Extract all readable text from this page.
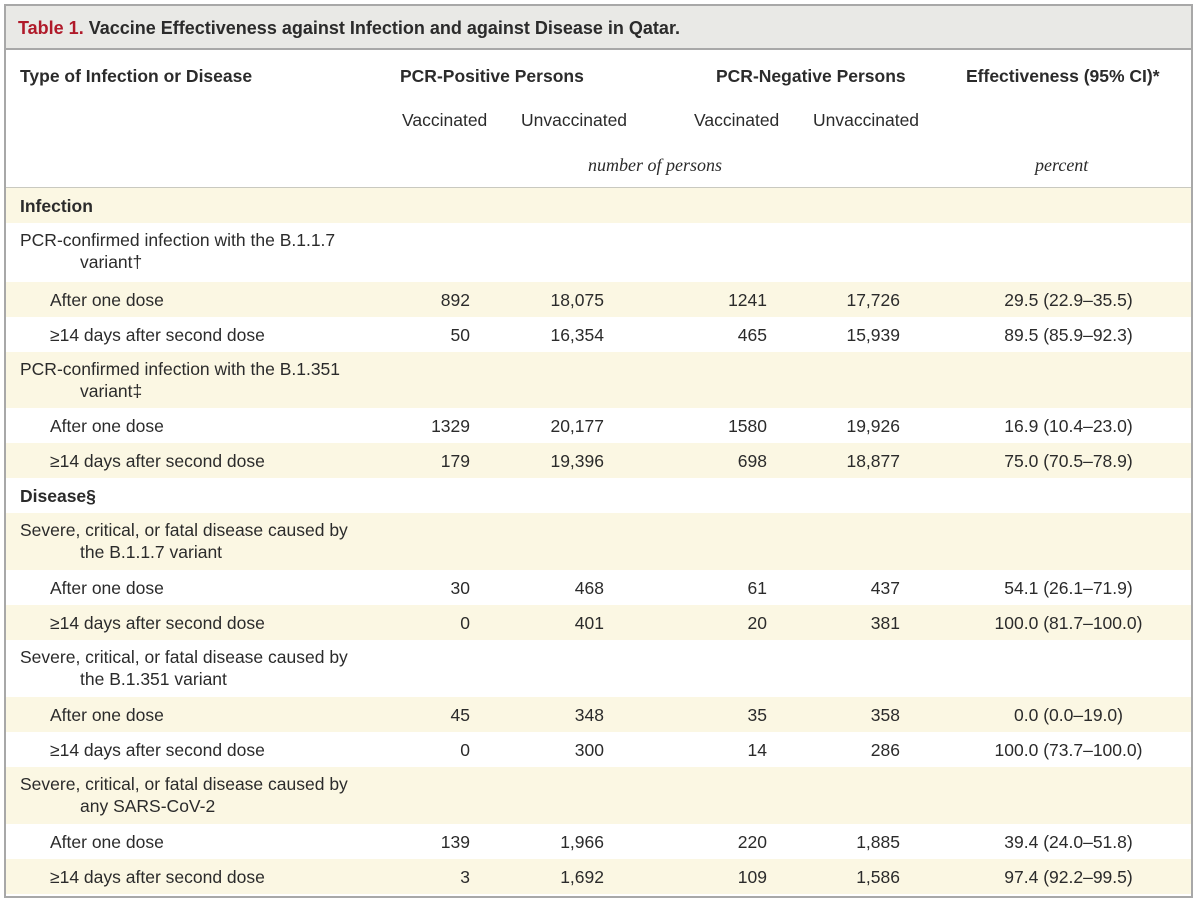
Table 1. Vaccine Effectiveness against Infection and against Disease in Qatar.
Type of Infection or Disease	PCR-Positive Persons	PCR-Negative Persons	Effectiveness (95% CI)*
Vaccinated Unvaccinated	Vaccinated Unvaccinated
number of persons	percent
Infection
PCR-confirmed infection with the B.1.1.7
variant†
After one dose	892	18,075	1241	17,726	29.5 (22.9–35.5)
≥14 days after second dose	50	16,354	465	15,939	89.5 (85.9–92.3)
PCR-confirmed infection with the B.1.351
variant‡
After one dose	1329	20,177	1580	19,926	16.9 (10.4–23.0)
≥14 days after second dose	179	19,396	698	18,877	75.0 (70.5–78.9)
Disease§
Severe, critical, or fatal disease caused by
the B.1.1.7 variant
After one dose	30	468	61	437	54.1 (26.1–71.9)
≥14 days after second dose	0	401	20	381	100.0 (81.7–100.0)
Severe, critical, or fatal disease caused by
the B.1.351 variant
After one dose	45	348	35	358	0.0 (0.0–19.0)
≥14 days after second dose	0	300	14	286	100.0 (73.7–100.0)
Severe, critical, or fatal disease caused by
any SARS-CoV-2
After one dose	139	1,966	220	1,885	39.4 (24.0–51.8)
≥14 days after second dose	3	1,692	109	1,586	97.4 (92.2–99.5)
